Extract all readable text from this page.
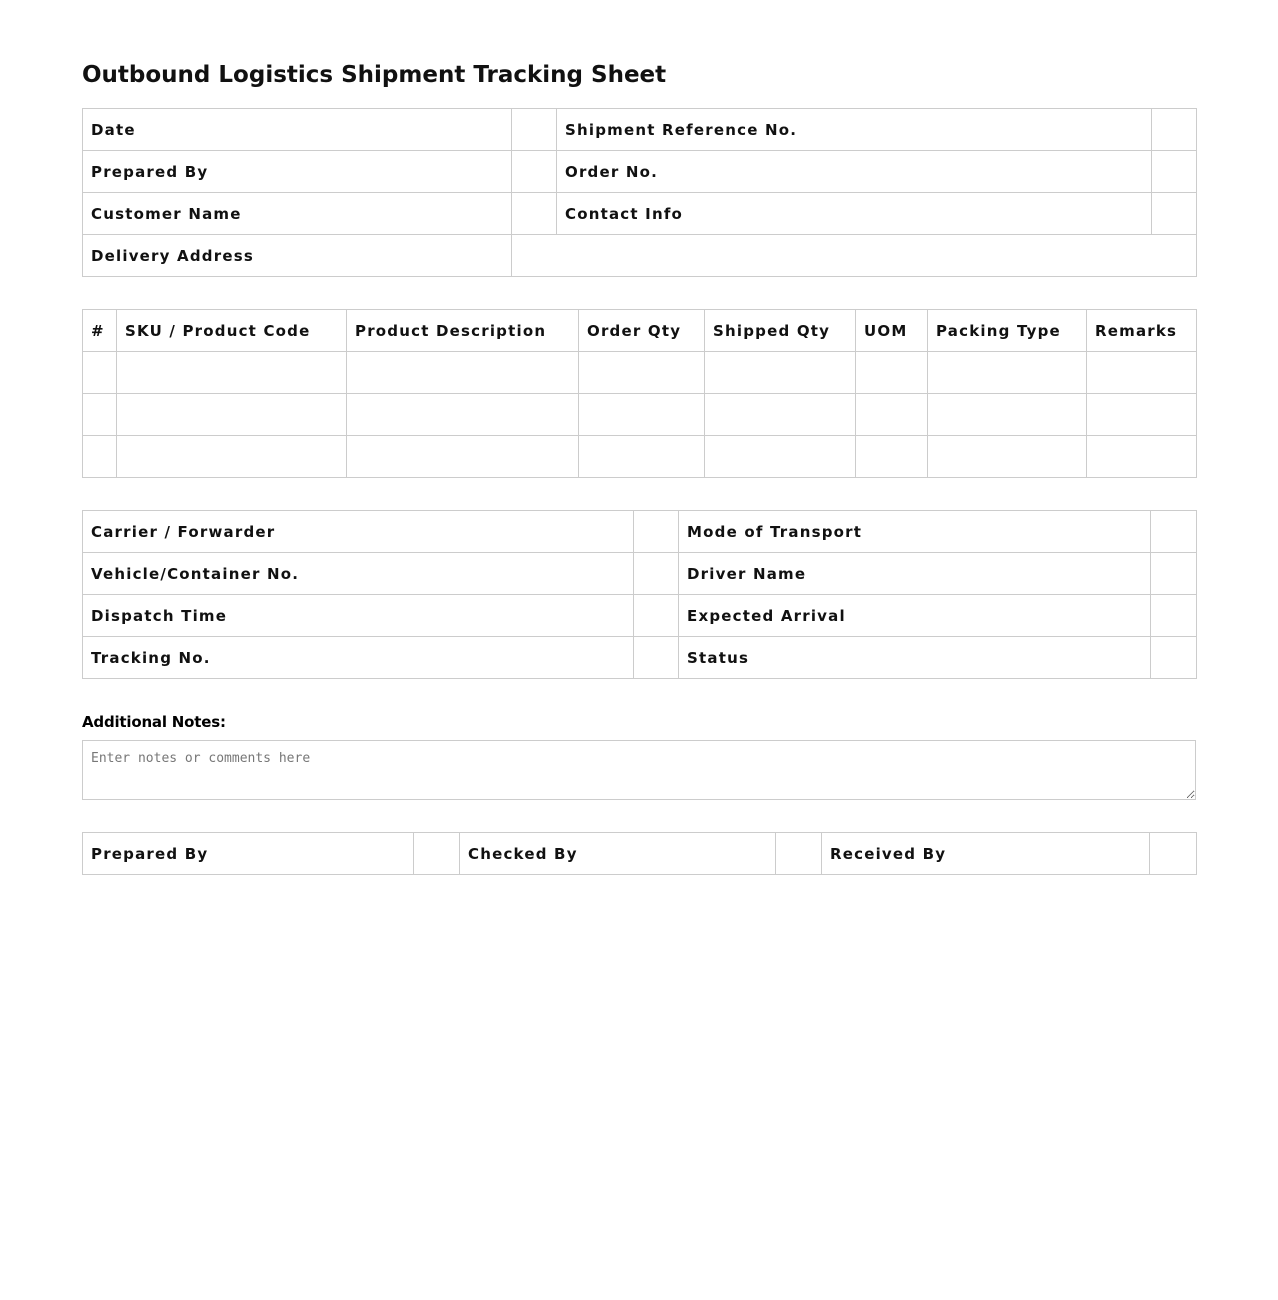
Outbound Logistics Shipment Tracking Sheet
Date		Shipment Reference No.	
Prepared By		Order No.	
Customer Name		Contact Info	
Delivery Address			
#	SKU / Product Code	Product Description	Order Qty	Shipped Qty	UOM	Packing Type	Remarks

Carrier / Forwarder		Mode of Transport	
Vehicle/Container No.		Driver Name	
Dispatch Time		Expected Arrival	
Tracking No.		Status	
Additional Notes:
Enter notes or comments here
Prepared By		Checked By		Received By	
